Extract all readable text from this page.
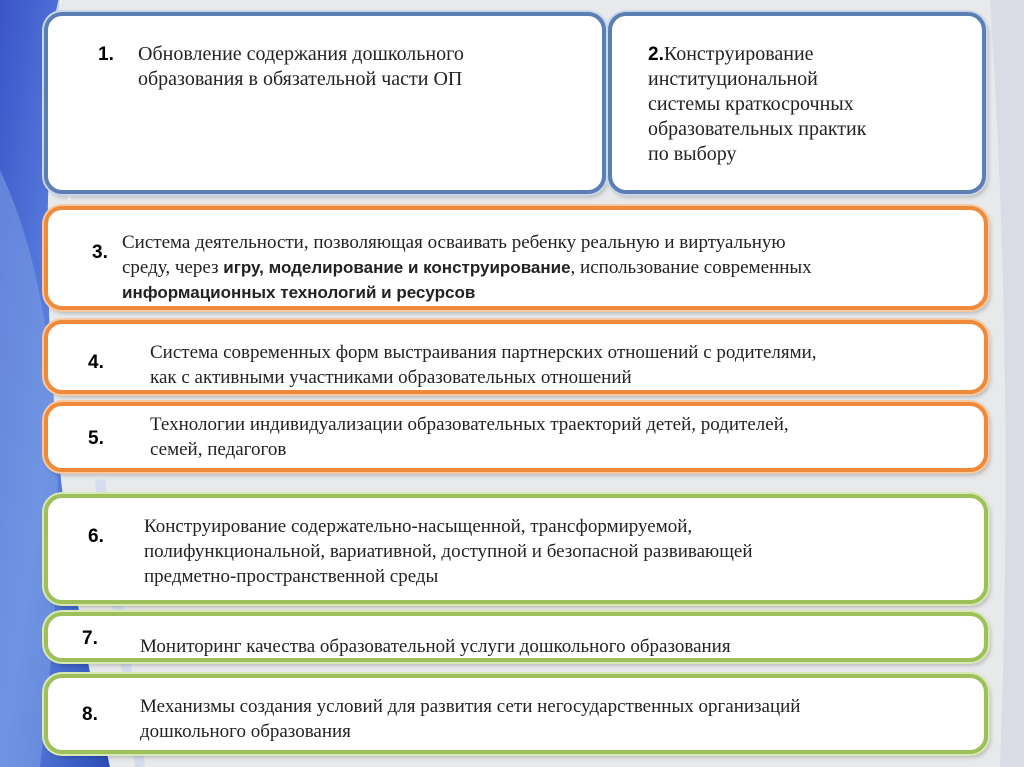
1. Обновление содержания дошкольного
образования в обязательной части ОП
2.Конструирование
институциональной
системы краткосрочных
образовательных практик
по выбору
3. Система деятельности, позволяющая осваивать ребенку реальную и виртуальную
среду, через игру, моделирование и конструирование, использование современных
информационных технологий и ресурсов
4. Система современных форм выстраивания партнерских отношений с родителями,
как с активными участниками образовательных отношений
5.
Технологии индивидуализации образовательных траекторий детей, родителей,
семей, педагогов
6. Конструирование содержательно-насыщенной, трансформируемой,
полифункциональной, вариативной, доступной и безопасной развивающей
предметно-пространственной среды
7. Мониторинг качества образовательной услуги дошкольного образования
8. Механизмы создания условий для развития сети негосударственных организаций
дошкольного образования
